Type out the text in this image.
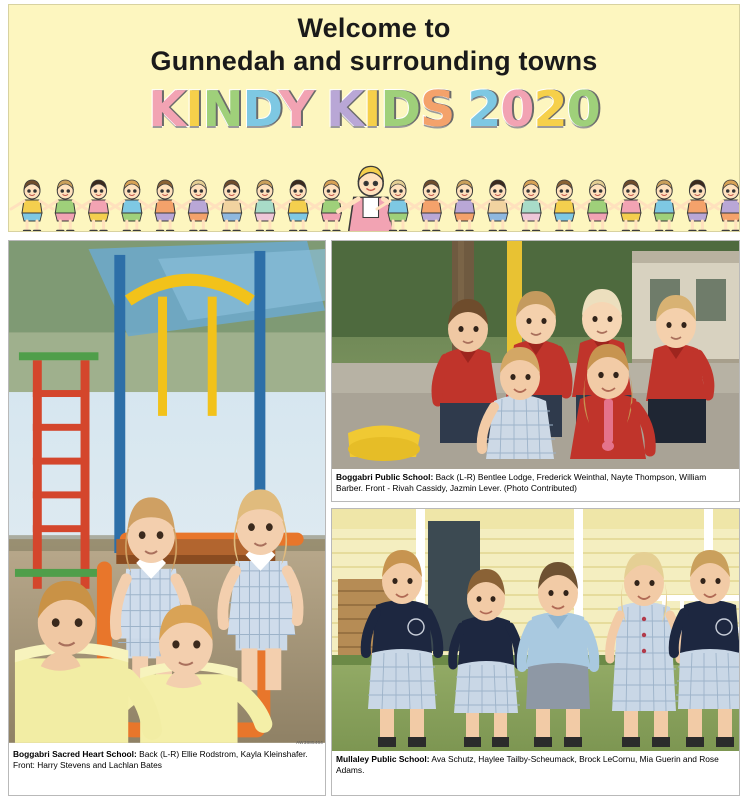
Welcome to
Gunnedah and surrounding towns
KINDY KIDS 2020
AW3885464
Boggabri Sacred Heart School: Back (L-R) Ellie Rodstrom, Kayla Kleinshafer. Front: Harry Stevens and Lachlan Bates
Boggabri Public School: Back (L-R) Bentlee Lodge, Frederick Weinthal, Nayte Thompson, William Barber. Front - Rivah Cassidy, Jazmin Lever. (Photo Contributed)
Mullaley Public School: Ava Schutz, Haylee Tailby-Scheumack, Brock LeCornu, Mia Guerin and Rose Adams.
